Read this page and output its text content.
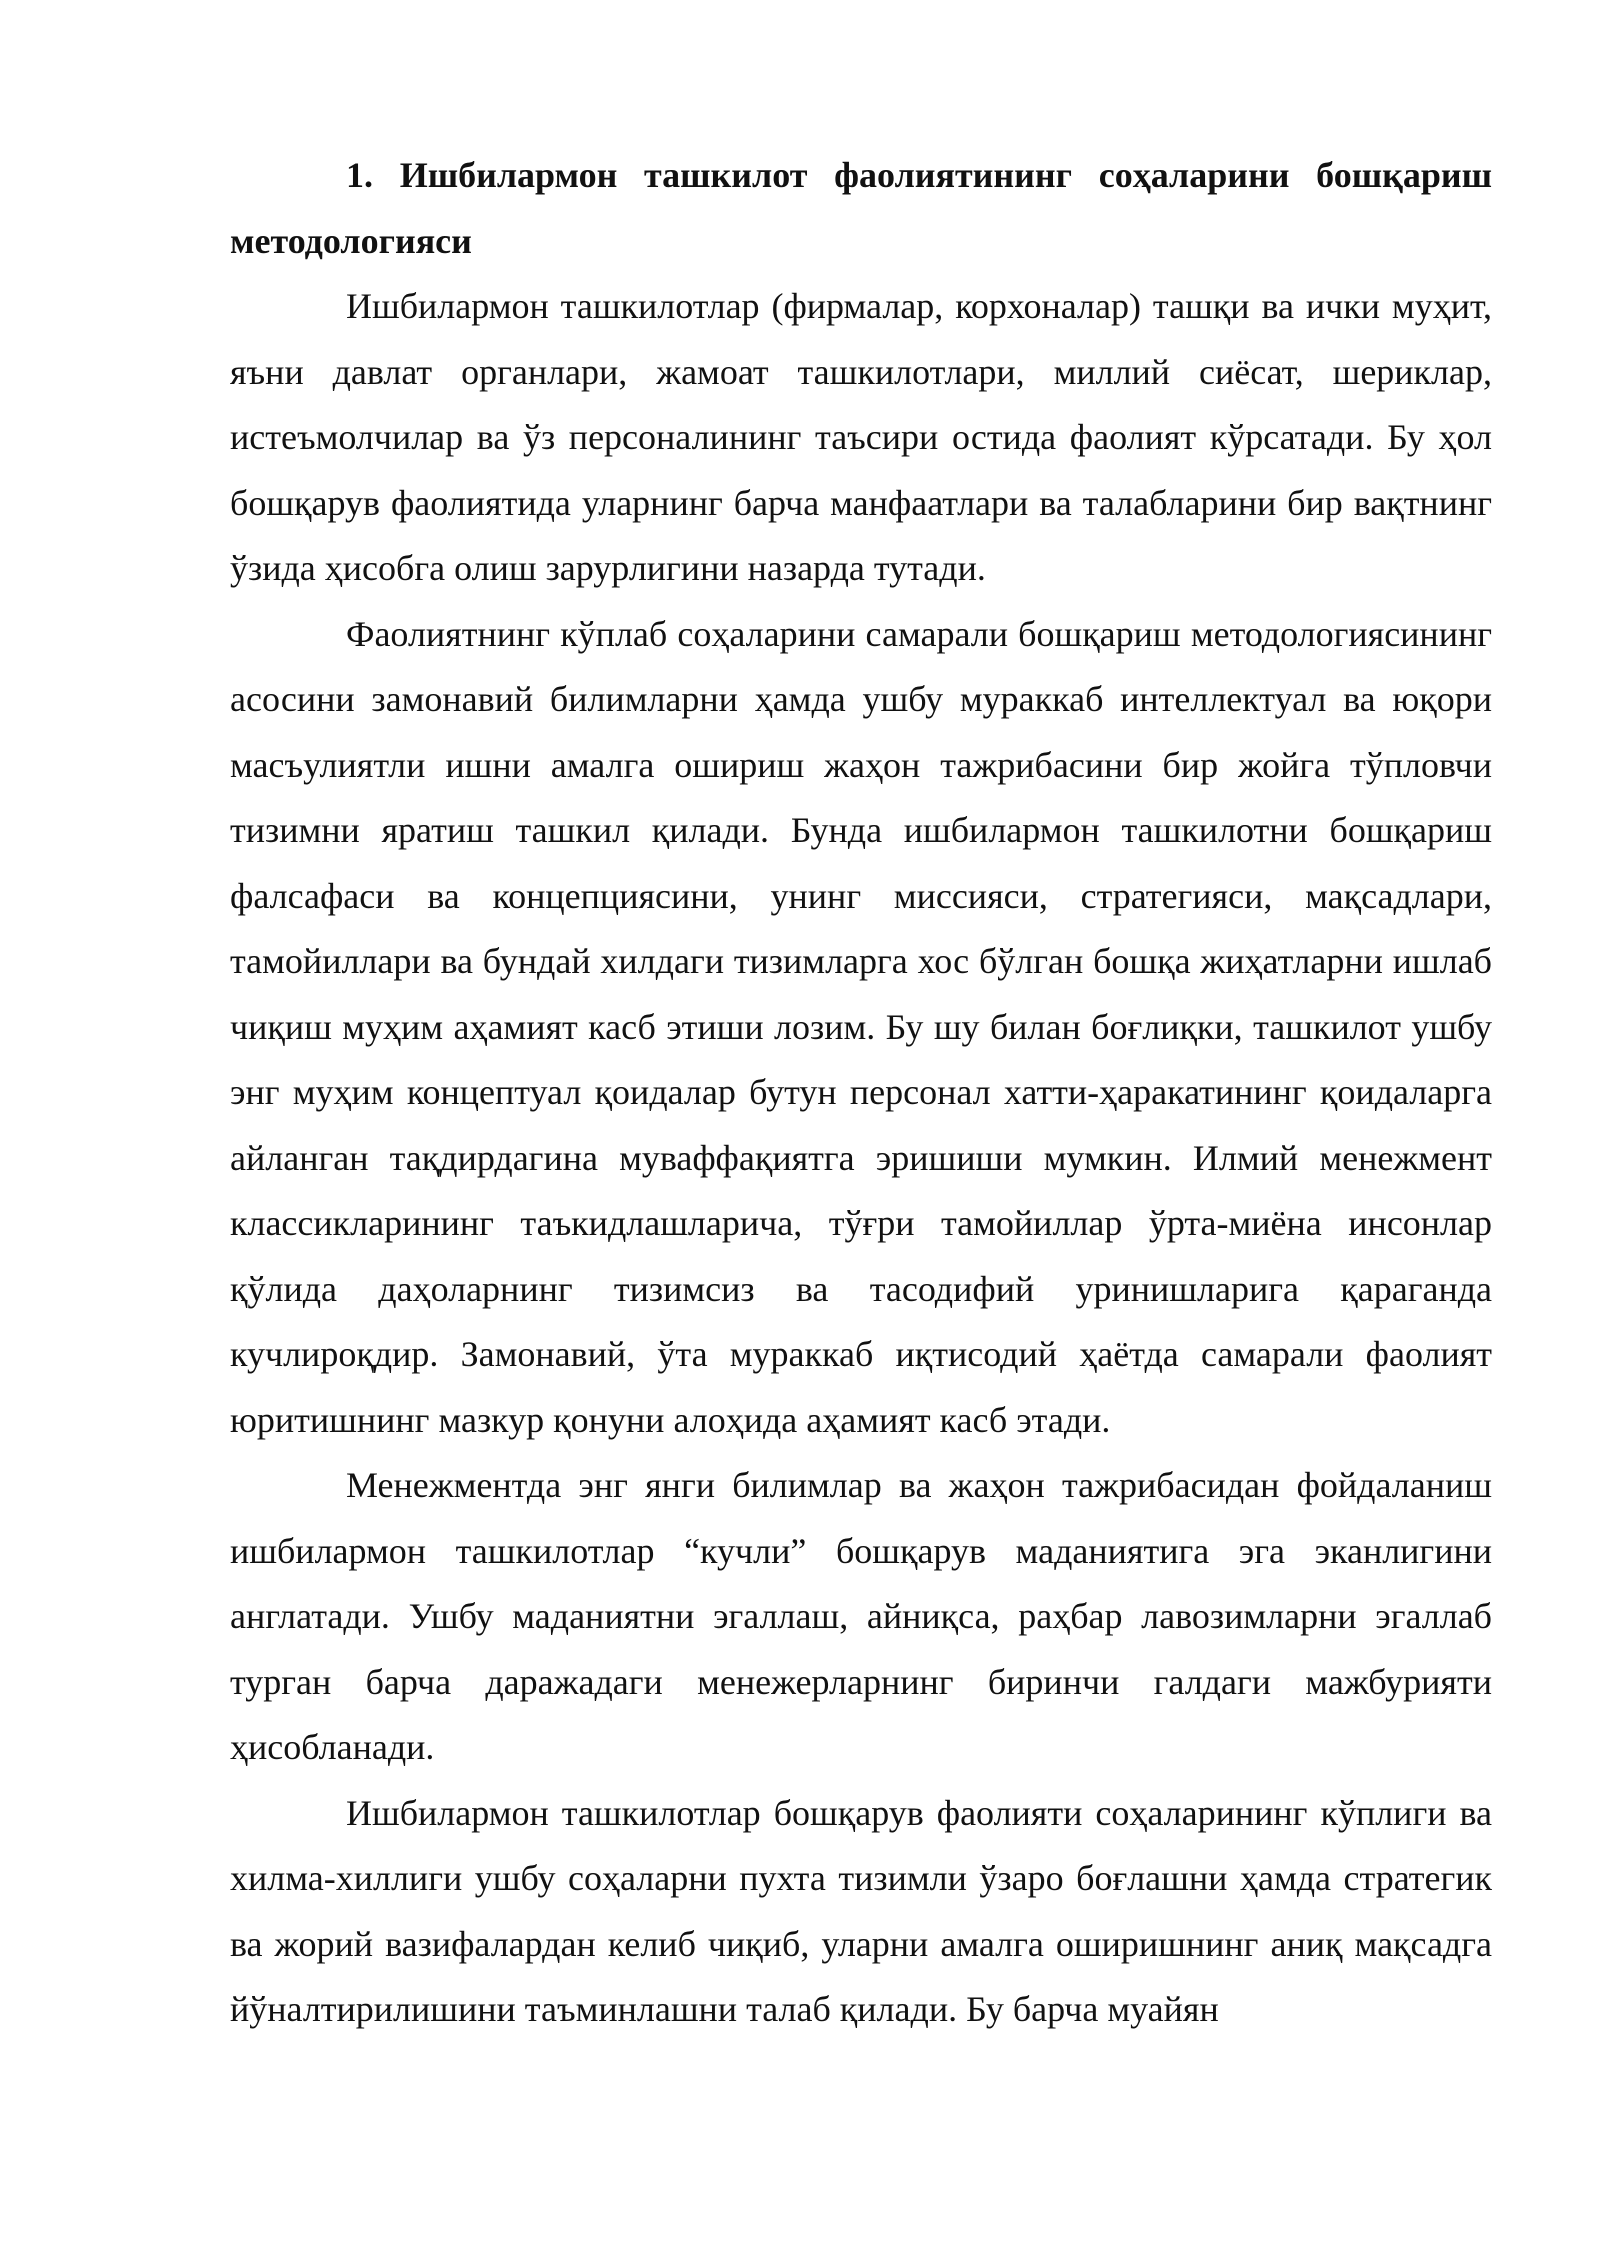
1. Ишбилармон ташкилот фаолиятининг соҳаларини бошқариш методологияси

Ишбилармон ташкилотлар (фирмалар, корхоналар) ташқи ва ички муҳит, яъни давлат органлари, жамоат ташкилотлари, миллий сиёсат, шериклар, истеъмолчилар ва ўз персоналининг таъсири остида фаолият кўрсатади. Бу ҳол бошқарув фаолиятида уларнинг барча манфаатлари ва талабларини бир вақтнинг ўзида ҳисобга олиш зарурлигини назарда тутади.

Фаолиятнинг кўплаб соҳаларини самарали бошқариш методологиясининг асосини замонавий билимларни ҳамда ушбу мураккаб интеллектуал ва юқори масъулиятли ишни амалга ошириш жаҳон тажрибасини бир жойга тўпловчи тизимни яратиш ташкил қилади. Бунда ишбилармон ташкилотни бошқариш фалсафаси ва концепциясини, унинг миссияси, стратегияси, мақсадлари, тамойиллари ва бундай хилдаги тизимларга хос бўлган бошқа жиҳатларни ишлаб чиқиш муҳим аҳамият касб этиши лозим. Бу шу билан боғлиқки, ташкилот ушбу энг муҳим концептуал қоидалар бутун персонал хатти-ҳаракатининг қоидаларга айланган тақдирдагина муваффақиятга эришиши мумкин. Илмий менежмент классикларининг таъкидлашларича, тўғри тамойиллар ўрта-миёна инсонлар қўлида даҳоларнинг тизимсиз ва тасодифий уринишларига қараганда кучлироқдир. Замонавий, ўта мураккаб иқтисодий ҳаётда самарали фаолият юритишнинг мазкур қонуни алоҳида аҳамият касб этади.

Менежментда энг янги билимлар ва жаҳон тажрибасидан фойдаланиш ишбилармон ташкилотлар “кучли” бошқарув маданиятига эга эканлигини англатади. Ушбу маданиятни эгаллаш, айниқса, раҳбар лавозимларни эгаллаб турган барча даражадаги менежерларнинг биринчи галдаги мажбурияти ҳисобланади.

Ишбилармон ташкилотлар бошқарув фаолияти соҳаларининг кўплиги ва хилма-хиллиги ушбу соҳаларни пухта тизимли ўзаро боғлашни ҳамда стратегик ва жорий вазифалардан келиб чиқиб, уларни амалга оширишнинг аниқ мақсадга йўналтирилишини таъминлашни талаб қилади. Бу барча муайян
